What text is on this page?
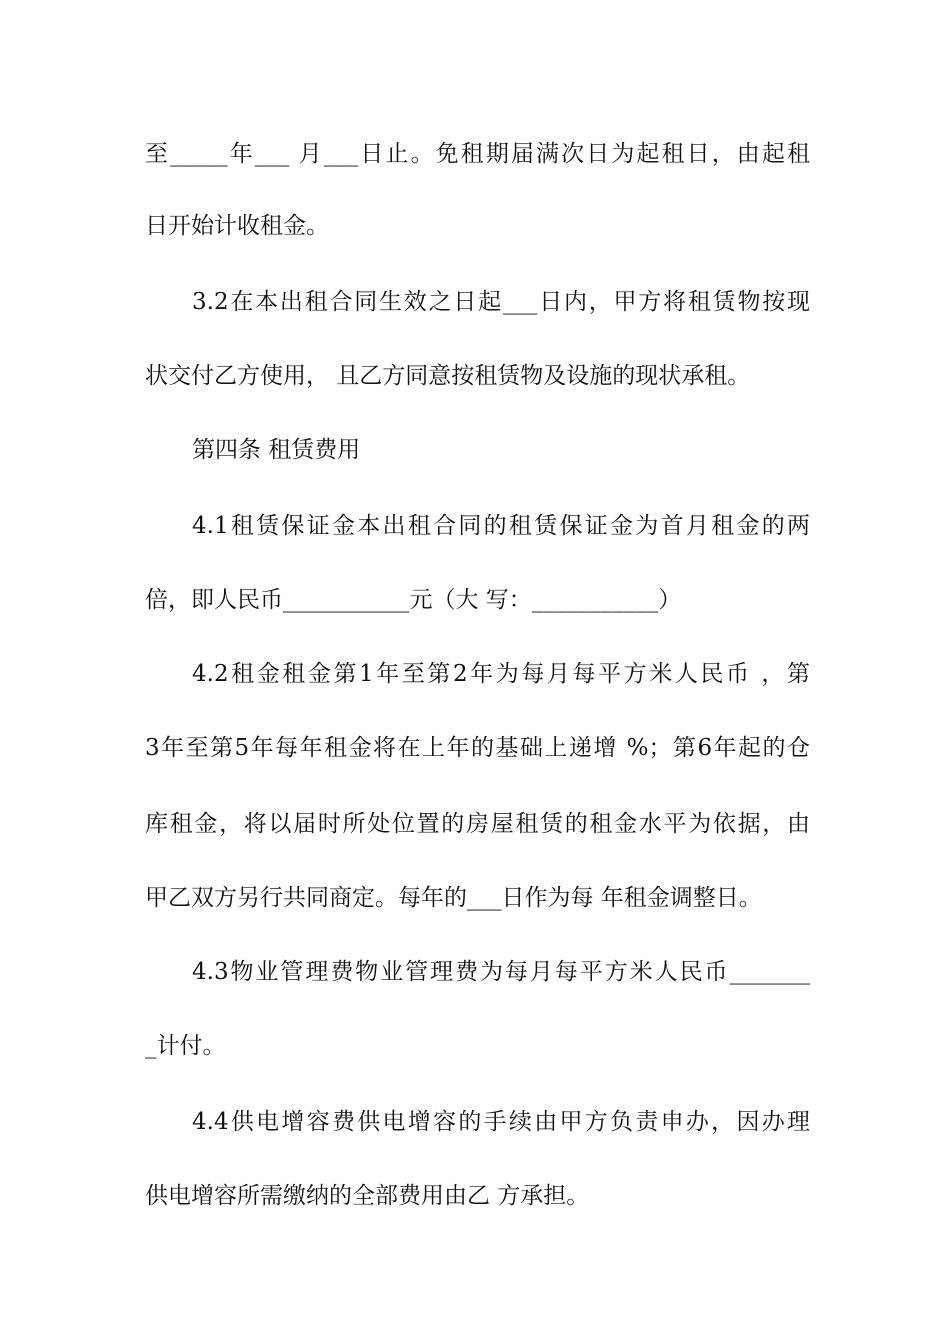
至_____年___ 月___日止。免租期届满次日为起租日，由起租
日开始计收租金。
3.2在本出租合同生效之日起___日内，甲方将租赁物按现
状交付乙方使用， 且乙方同意按租赁物及设施的现状承租。
第四条 租赁费用
4.1租赁保证金本出租合同的租赁保证金为首月租金的两
倍，即人民币___________元（大 写：___________）
4.2租金租金第1年至第2年为每月每平方米人民币 ，第
3年至第5年每年租金将在上年的基础上递增 %；第6年起的仓
库租金，将以届时所处位置的房屋租赁的租金水平为依据，由
甲乙双方另行共同商定。每年的___日作为每 年租金调整日。
4.3物业管理费物业管理费为每月每平方米人民币_______
_计付。
4.4供电增容费供电增容的手续由甲方负责申办，因办理
供电增容所需缴纳的全部费用由乙 方承担。
